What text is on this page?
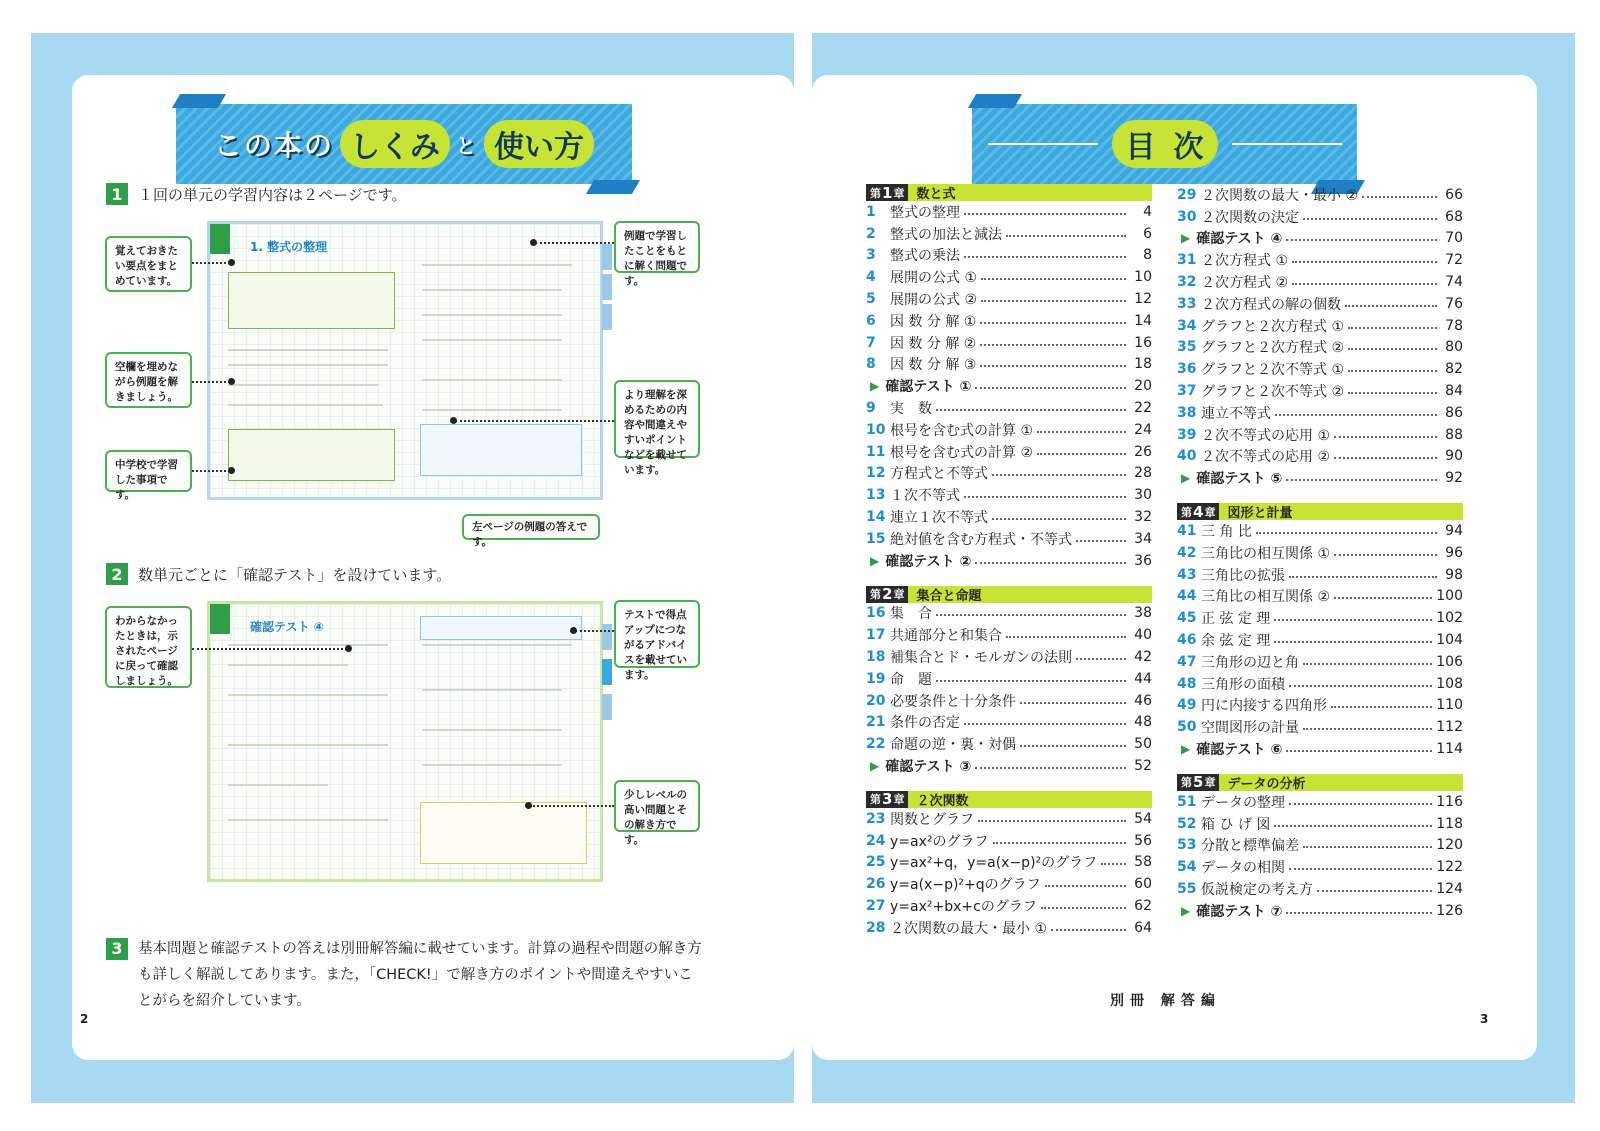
この本の しくみ と 使い方
1	１回の単元の学習内容は２ページです。
1. 整式の整理
覚えておきたい要点をまとめています。
空欄を埋めながら例題を解きましょう。
中学校で学習した事項です。
例題で学習したことをもとに解く問題です。
より理解を深めるための内容や間違えやすいポイントなどを載せています。
左ページの例題の答えです。
2	数単元ごとに「確認テスト」を設けています。
確認テスト ④
わからなかったときは，示されたページに戻って確認しましょう。
テストで得点アップにつながるアドバイスを載せています。
少しレベルの高い問題とその解き方です。
3	基本問題と確認テストの答えは別冊解答編に載せています。計算の過程や問題の解き方も詳しく解説してあります。また，「CHECK!」で解き方のポイントや間違えやすいことがらを紹介しています。

2
目 次
第 1 章 数と式
1	整式の整理	4
2	整式の加法と減法	6
3	整式の乗法	8
4	展開の公式 ①	10
5	展開の公式 ②	12
6	因 数 分 解 ①	14
7	因 数 分 解 ②	16
8	因 数 分 解 ③	18
▶ 確認テスト ①	20
9	実　数	22
10 根号を含む式の計算 ①	24
11 根号を含む式の計算 ②	26
12 方程式と不等式	28
13 １次不等式	30
14 連立１次不等式	32
15 絶対値を含む方程式・不等式	34
▶ 確認テスト ②	36
第 2 章 集合と命題
16 集　合	38
17 共通部分と和集合	40
18 補集合とド・モルガンの法則	42
19 命　題	44
20 必要条件と十分条件	46
21 条件の否定	48
22 命題の逆・裏・対偶	50
▶ 確認テスト ③	52
第 3 章 ２次関数
23 関数とグラフ	54
24 y=ax²のグラフ	56
25 y=ax²+q，y=a(x−p)²のグラフ	58
26 y=a(x−p)²+qのグラフ	60
27 y=ax²+bx+cのグラフ	62
28 ２次関数の最大・最小 ①	64
29 ２次関数の最大・最小 ②	66
30 ２次関数の決定	68
▶ 確認テスト ④	70
31 ２次方程式 ①	72
32 ２次方程式 ②	74
33 ２次方程式の解の個数	76
34 グラフと２次方程式 ①	78
35 グラフと２次方程式 ②	80
36 グラフと２次不等式 ①	82
37 グラフと２次不等式 ②	84
38 連立不等式	86
39 ２次不等式の応用 ①	88
40 ２次不等式の応用 ②	90
▶ 確認テスト ⑤	92
第 4 章 図形と計量
41 三 角 比	94
42 三角比の相互関係 ①	96
43 三角比の拡張	98
44 三角比の相互関係 ②	100
45 正 弦 定 理	102
46 余 弦 定 理	104
47 三角形の辺と角	106
48 三角形の面積	108
49 円に内接する四角形	110
50 空間図形の計量	112
▶ 確認テスト ⑥	114
第 5 章 データの分析
51 データの整理	116
52 箱 ひ げ 図	118
53 分散と標準偏差	120
54 データの相関	122
55 仮説検定の考え方	124
▶ 確認テスト ⑦	126
別冊 解答編
3
